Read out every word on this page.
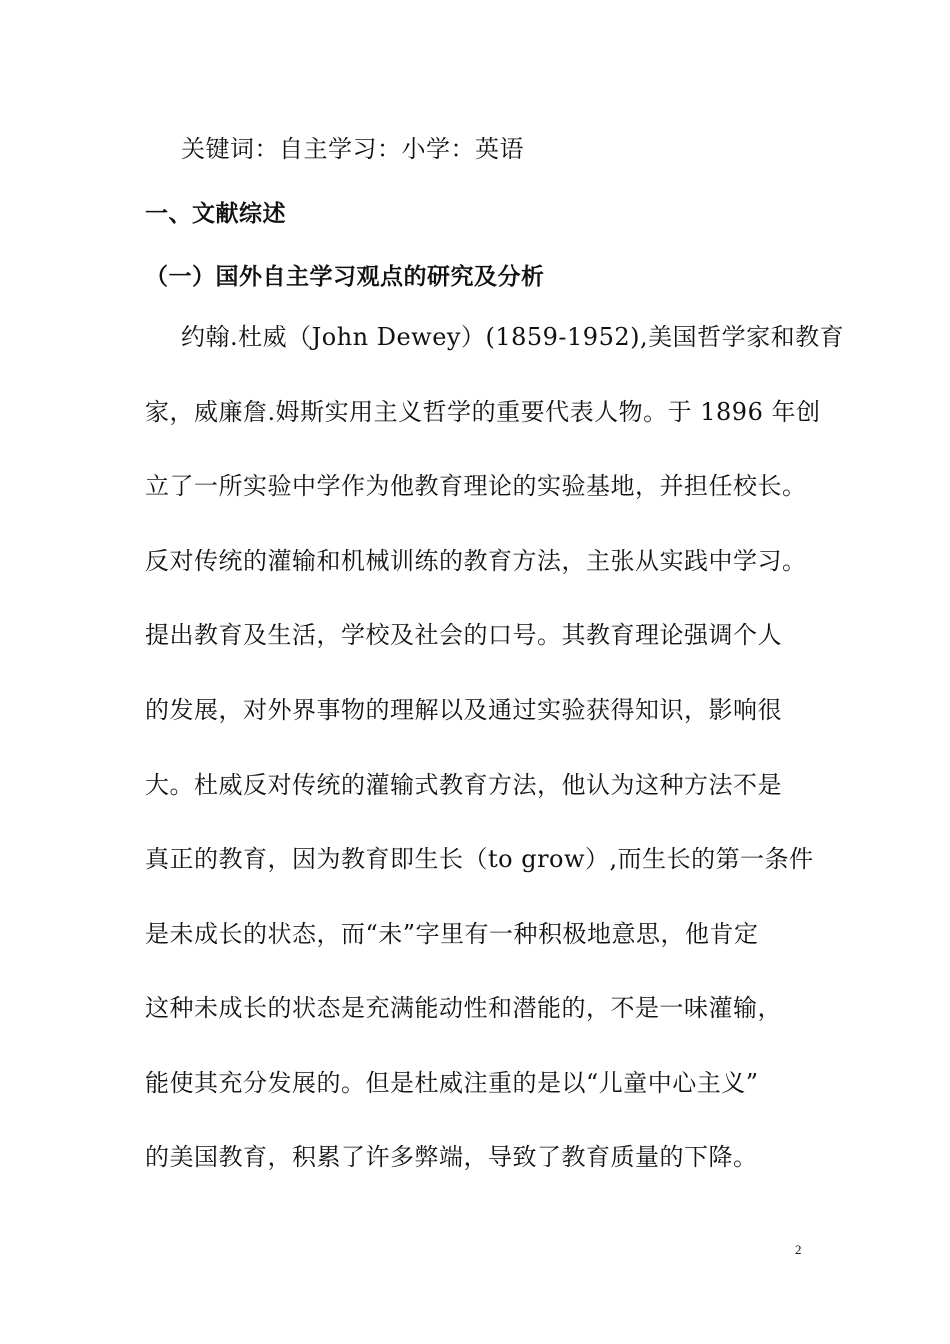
关键词：自主学习：小学：英语
一、文献综述
（一）国外自主学习观点的研究及分析
约翰.杜威（John Dewey）(1859-1952),美国哲学家和教育
家，威廉詹.姆斯实用主义哲学的重要代表人物。于 1896 年创
立了一所实验中学作为他教育理论的实验基地，并担任校长。
反对传统的灌输和机械训练的教育方法，主张从实践中学习。
提出教育及生活，学校及社会的口号。其教育理论强调个人
的发展，对外界事物的理解以及通过实验获得知识，影响很
大。杜威反对传统的灌输式教育方法，他认为这种方法不是
真正的教育，因为教育即生长（to grow）,而生长的第一条件
是未成长的状态，而“未”字里有一种积极地意思，他肯定
这种未成长的状态是充满能动性和潜能的，不是一味灌输，
能使其充分发展的。但是杜威注重的是以“儿童中心主义”
的美国教育，积累了许多弊端，导致了教育质量的下降。
2
